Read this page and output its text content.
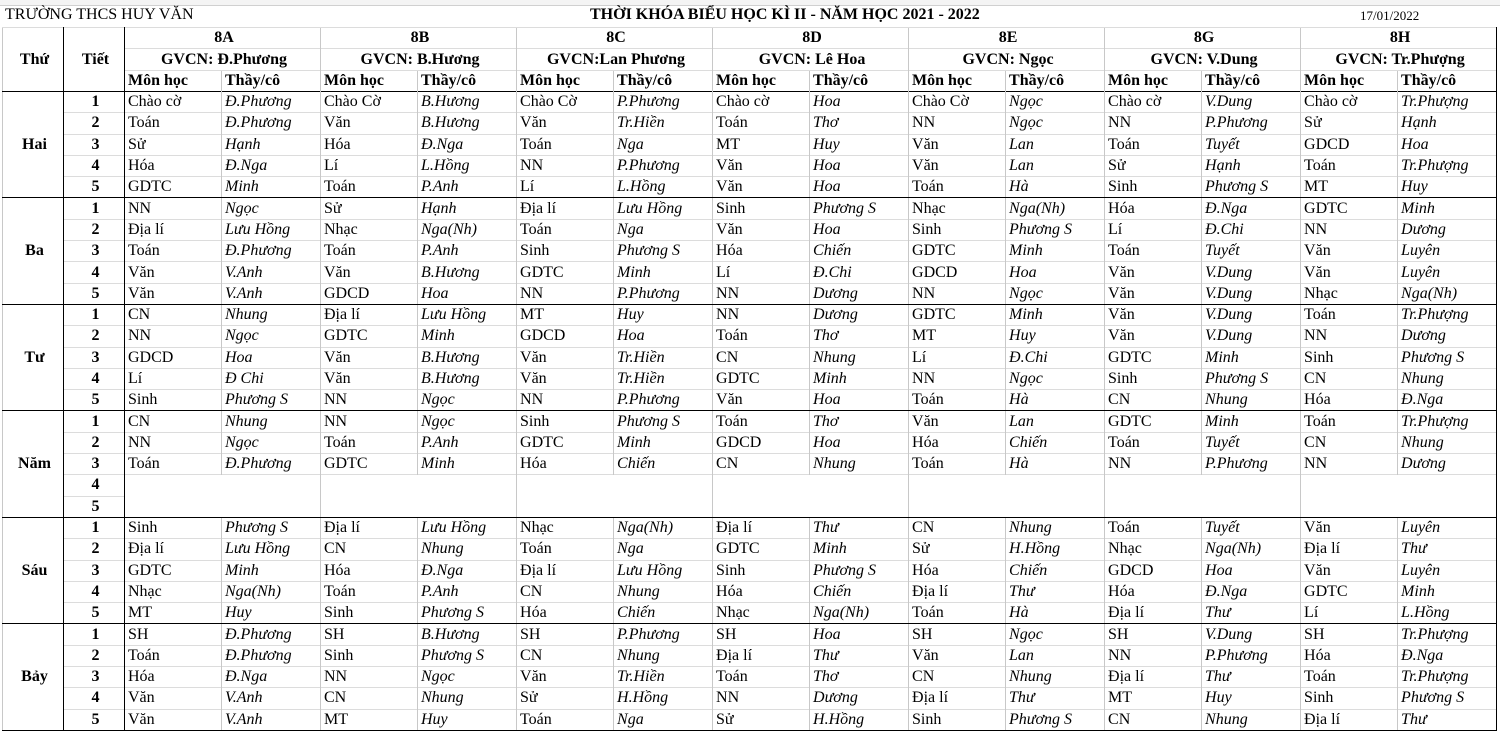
TRƯỜNG THCS HUY VĂN	THỜI KHÓA BIỂU HỌC KÌ II - NĂM HỌC 2021 - 2022	17/01/2022
Thứ	Tiết	8A		8B		8C		8D		8E		8G		8H	
		GVCN: Đ.Phương		GVCN: B.Hương		GVCN:Lan Phương		GVCN: Lê Hoa		GVCN: Ngọc		GVCN: V.Dung		GVCN: Tr.Phượng	
		Môn học	Thầy/cô	Môn học	Thầy/cô	Môn học	Thầy/cô	Môn học	Thầy/cô	Môn học	Thầy/cô	Môn học	Thầy/cô	Môn học	Thầy/cô
Hai	1	Chào cờ	Đ.Phương	Chào Cờ	B.Hương	Chào Cờ	P.Phương	Chào cờ	Hoa	Chào Cờ	Ngọc	Chào cờ	V.Dung	Chào cờ	Tr.Phượng
	2	Toán	Đ.Phương	Văn	B.Hương	Văn	Tr.Hiền	Toán	Thơ	NN	Ngọc	NN	P.Phương	Sử	Hạnh
	3	Sử	Hạnh	Hóa	Đ.Nga	Toán	Nga	MT	Huy	Văn	Lan	Toán	Tuyết	GDCD	Hoa
	4	Hóa	Đ.Nga	Lí	L.Hồng	NN	P.Phương	Văn	Hoa	Văn	Lan	Sử	Hạnh	Toán	Tr.Phượng
	5	GDTC	Minh	Toán	P.Anh	Lí	L.Hồng	Văn	Hoa	Toán	Hà	Sinh	Phương S	MT	Huy
Ba	1	NN	Ngọc	Sử	Hạnh	Địa lí	Lưu Hồng	Sinh	Phương S	Nhạc	Nga(Nh)	Hóa	Đ.Nga	GDTC	Minh
	2	Địa lí	Lưu Hồng	Nhạc	Nga(Nh)	Toán	Nga	Văn	Hoa	Sinh	Phương S	Lí	Đ.Chi	NN	Dương
	3	Toán	Đ.Phương	Toán	P.Anh	Sinh	Phương S	Hóa	Chiến	GDTC	Minh	Toán	Tuyết	Văn	Luyên
	4	Văn	V.Anh	Văn	B.Hương	GDTC	Minh	Lí	Đ.Chi	GDCD	Hoa	Văn	V.Dung	Văn	Luyên
	5	Văn	V.Anh	GDCD	Hoa	NN	P.Phương	NN	Dương	NN	Ngọc	Văn	V.Dung	Nhạc	Nga(Nh)
Tư	1	CN	Nhung	Địa lí	Lưu Hồng	MT	Huy	NN	Dương	GDTC	Minh	Văn	V.Dung	Toán	Tr.Phượng
	2	NN	Ngọc	GDTC	Minh	GDCD	Hoa	Toán	Thơ	MT	Huy	Văn	V.Dung	NN	Dương
	3	GDCD	Hoa	Văn	B.Hương	Văn	Tr.Hiền	CN	Nhung	Lí	Đ.Chi	GDTC	Minh	Sinh	Phương S
	4	Lí	Đ Chi	Văn	B.Hương	Văn	Tr.Hiền	GDTC	Minh	NN	Ngọc	Sinh	Phương S	CN	Nhung
	5	Sinh	Phương S	NN	Ngọc	NN	P.Phương	Văn	Hoa	Toán	Hà	CN	Nhung	Hóa	Đ.Nga
Năm	1	CN	Nhung	NN	Ngọc	Sinh	Phương S	Toán	Thơ	Văn	Lan	GDTC	Minh	Toán	Tr.Phượng
	2	NN	Ngọc	Toán	P.Anh	GDTC	Minh	GDCD	Hoa	Hóa	Chiến	Toán	Tuyết	CN	Nhung
	3	Toán	Đ.Phương	GDTC	Minh	Hóa	Chiến	CN	Nhung	Toán	Hà	NN	P.Phương	NN	Dương
	4														
	5														
Sáu	1	Sinh	Phương S	Địa lí	Lưu Hồng	Nhạc	Nga(Nh)	Địa lí	Thư	CN	Nhung	Toán	Tuyết	Văn	Luyên
	2	Địa lí	Lưu Hồng	CN	Nhung	Toán	Nga	GDTC	Minh	Sử	H.Hồng	Nhạc	Nga(Nh)	Địa lí	Thư
	3	GDTC	Minh	Hóa	Đ.Nga	Địa lí	Lưu Hồng	Sinh	Phương S	Hóa	Chiến	GDCD	Hoa	Văn	Luyên
	4	Nhạc	Nga(Nh)	Toán	P.Anh	CN	Nhung	Hóa	Chiến	Địa lí	Thư	Hóa	Đ.Nga	GDTC	Minh
	5	MT	Huy	Sinh	Phương S	Hóa	Chiến	Nhạc	Nga(Nh)	Toán	Hà	Địa lí	Thư	Lí	L.Hồng
Bảy	1	SH	Đ.Phương	SH	B.Hương	SH	P.Phương	SH	Hoa	SH	Ngọc	SH	V.Dung	SH	Tr.Phượng
	2	Toán	Đ.Phương	Sinh	Phương S	CN	Nhung	Địa lí	Thư	Văn	Lan	NN	P.Phương	Hóa	Đ.Nga
	3	Hóa	Đ.Nga	NN	Ngọc	Văn	Tr.Hiền	Toán	Thơ	CN	Nhung	Địa lí	Thư	Toán	Tr.Phượng
	4	Văn	V.Anh	CN	Nhung	Sử	H.Hồng	NN	Dương	Địa lí	Thư	MT	Huy	Sinh	Phương S
	5	Văn	V.Anh	MT	Huy	Toán	Nga	Sử	H.Hồng	Sinh	Phương S	CN	Nhung	Địa lí	Thư
